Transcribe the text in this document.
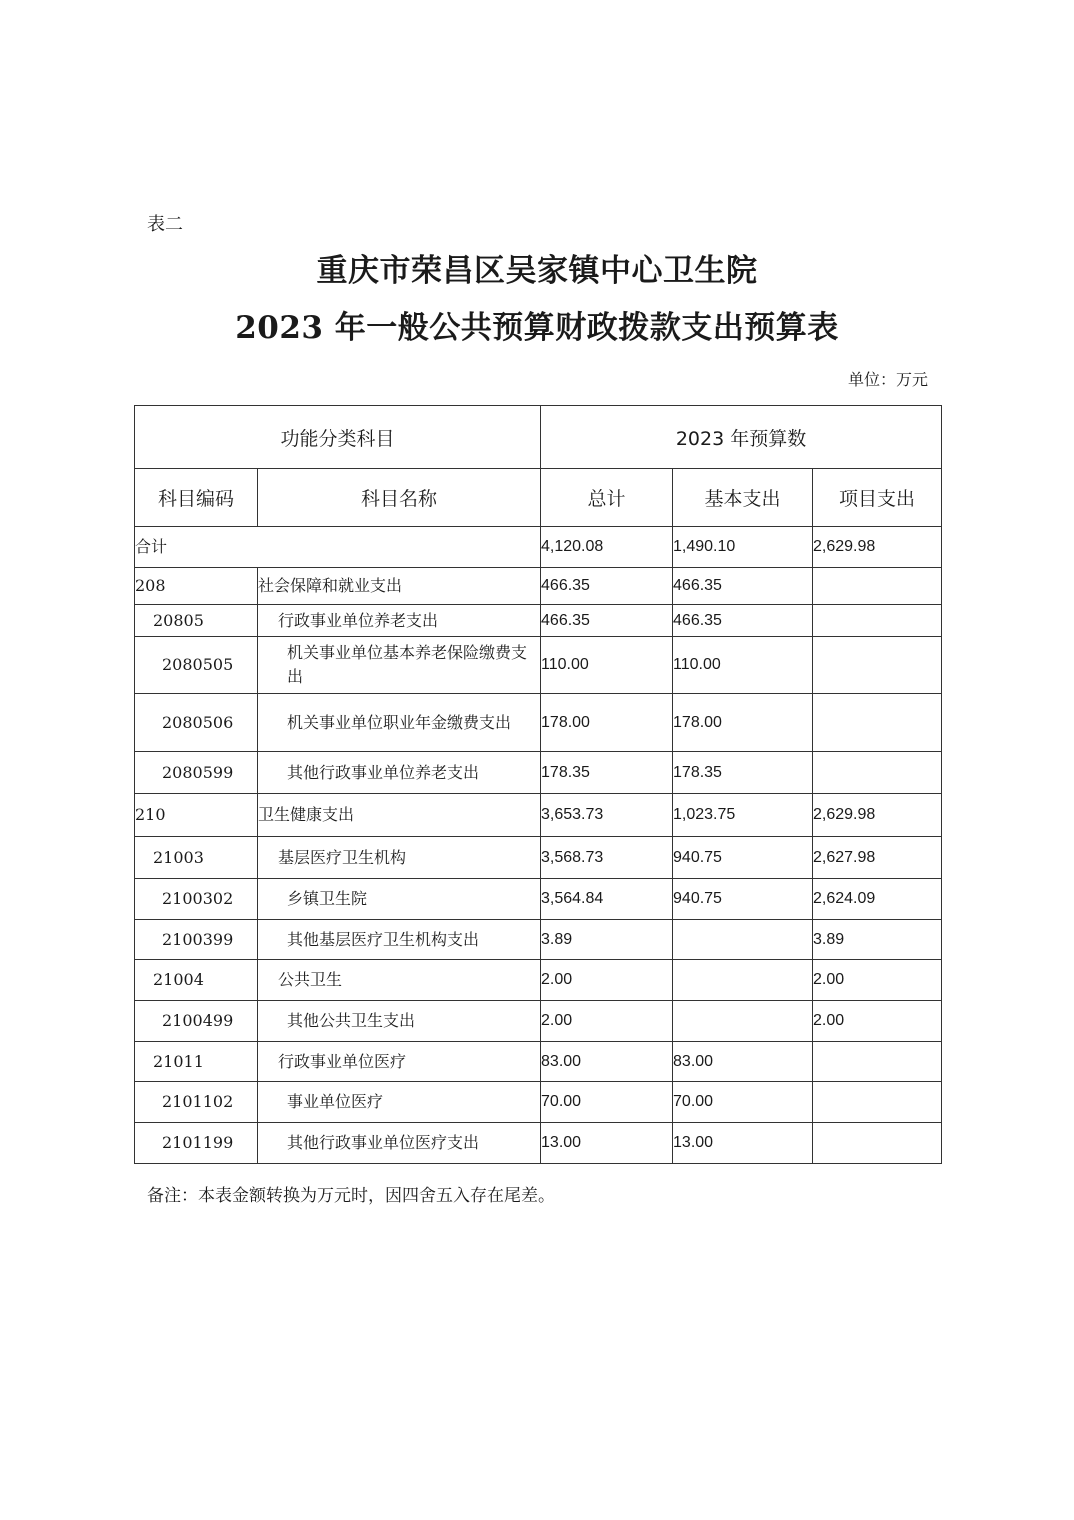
表二
重庆市荣昌区吴家镇中心卫生院
2023 年一般公共预算财政拨款支出预算表
单位：万元
功能分类科目		2023 年预算数		
科目编码	科目名称	总计	基本支出	项目支出
合计		4,120.08	1,490.10	2,629.98
208	社会保障和就业支出	466.35	466.35	
20805	行政事业单位养老支出	466.35	466.35	
2080505	机关事业单位基本养老保险缴费支出	110.00	110.00	
2080506	机关事业单位职业年金缴费支出	178.00	178.00	
2080599	其他行政事业单位养老支出	178.35	178.35	
210	卫生健康支出	3,653.73	1,023.75	2,629.98
21003	基层医疗卫生机构	3,568.73	940.75	2,627.98
2100302	乡镇卫生院	3,564.84	940.75	2,624.09
2100399	其他基层医疗卫生机构支出	3.89		3.89
21004	公共卫生	2.00		2.00
2100499	其他公共卫生支出	2.00		2.00
21011	行政事业单位医疗	83.00	83.00	
2101102	事业单位医疗	70.00	70.00	
2101199	其他行政事业单位医疗支出	13.00	13.00	
备注：本表金额转换为万元时，因四舍五入存在尾差。
